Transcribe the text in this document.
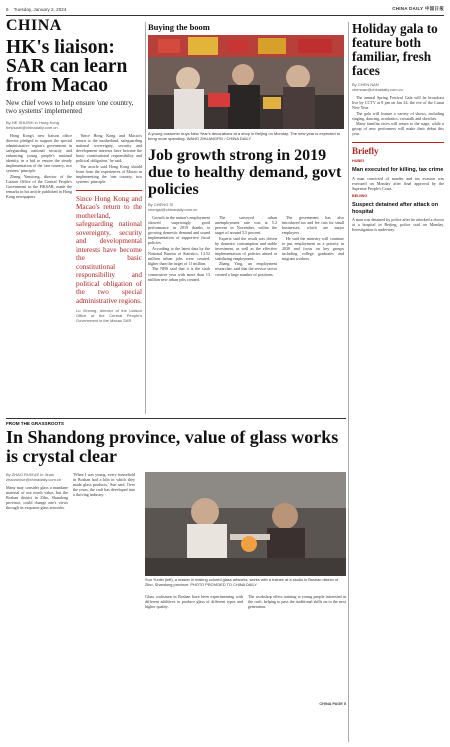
6 Tuesday, January 2, 2024	CHINA DAILY 中国日报
CHINA
HK's liaison: SAR can learn from Macao
New chief vows to help ensure 'one country, two systems' implemented
By HE SHUSHI in Hong Kong
heshushi@chinadaily.com.cn

Hong Kong's new liaison office director pledged to support the special administrative region's government in safeguarding national security and enhancing young people's national identity, in a bid to ensure the steady implementation of the 'one country, two systems' principle.

Zheng Yanxiong, director of the Liaison Office of the Central People's Government in the HKSAR, made the remarks in his article published in Hong Kong newspapers.

'Since Hong Kong and Macao's return to the motherland, safeguarding national sovereignty, security and development interests have become the basic constitutional responsibility and political obligation,' he said.

The article said Hong Kong should learn from the experiences of Macao in implementing the 'one country, two systems' principle.

Since Hong Kong and Macao's return to the motherland, safeguarding national sovereignty, security and developmental interests have become the basic constitutional responsibility and political obligation of the two special administrative regions.
Lu Xinning, director of the Liaison Office of the Central People's Government in the Macao SAR
Buying the boom
A young customer buys New Year's decorations at a shop in Beijing on Monday. The new year is expected to bring more spending. WANG ZHUANGFEI / CHINA DAILY
Job growth strong in 2019 due to healthy demand, govt policies
By CHENG SI
chengsi@chinadaily.com.cn

Growth in the nation's employment showed surprisingly good performance in 2019 thanks to growing domestic demand and sound implementation of supportive fiscal policies.

According to the latest data by the National Bureau of Statistics, 13.52 million urban jobs were created, higher than the target of 11 million.

The NBS said that it is the sixth consecutive year with more than 13 million new urban jobs created.

The surveyed urban unemployment rate was at 5.2 percent in November, within the target of around 5.5 percent.

Experts said the result was driven by domestic consumption and stable investment, as well as the effective implementation of policies aimed at stabilizing employment.

Zhang Ying, an employment researcher, said that the service sector created a large number of positions.

The government has also introduced tax and fee cuts for small businesses, which are major employers.

He said the ministry will continue to put employment as a priority in 2020 and focus on key groups including college graduates and migrant workers.

Holiday gala to feature both familiar, fresh faces
By CHEN NAN
chennan@chinadaily.com.cn

The annual Spring Festival Gala will be broadcast live by CCTV at 8 pm on Jan 24, the eve of the Lunar New Year.

The gala will feature a variety of shows, including singing, dancing, acrobatics, crosstalk and sketches.

Many familiar faces will return to the stage, while a group of new performers will make their debut this year.

Briefly
HUBEI
Man executed for killing, tax crime
A man convicted of murder and tax evasion was executed on Monday after final approval by the Supreme People's Court.
BEIJING
Suspect detained after attack on hospital
A man was detained by police after he attacked a doctor at a hospital in Beijing, police said on Monday. Investigation is underway.
FROM THE GRASSROOTS
In Shandong province, value of glass works is crystal clear
By ZHAO RUIXUE in Jinan
zhaoruixue@chinadaily.com.cn
Many may consider glass a mundane material of not much value, but the Boshan district in Zibo, Shandong province, could change one's views through its exquisite glass artworks.
'When I was young, every household in Boshan had a kiln in which they made glass products,' Sun said. Over the years, the craft has developed into a thriving industry.
Sun Yunfei (left), a master in making colored glass artworks, works with a trainee at a studio in Boshan district of Zibo, Shandong province. PHOTO PROVIDED TO CHINA DAILY
Glass craftsmen in Boshan have been experimenting with different additives to produce glass of different types and higher quality.
The workshop offers training to young people interested in the craft, helping to pass the traditional skills on to the next generation.
CHINA PAGE 5
